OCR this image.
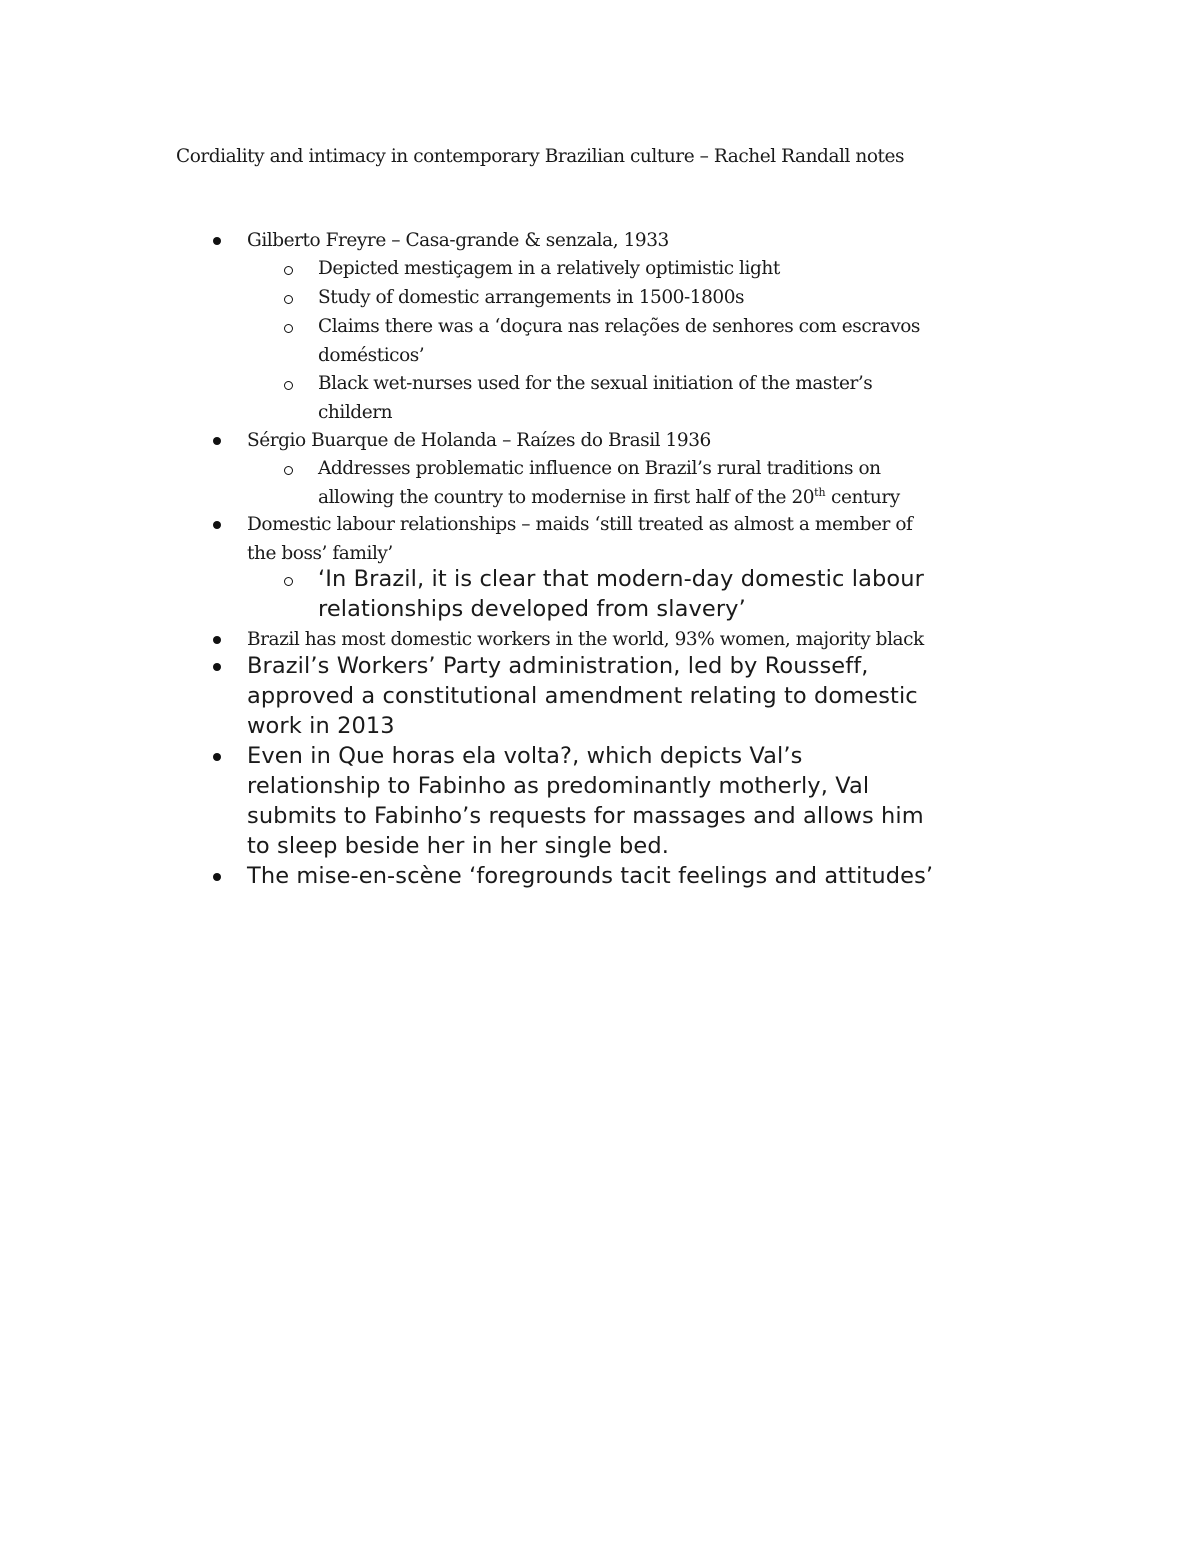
Cordiality and intimacy in contemporary Brazilian culture – Rachel Randall notes
Gilberto Freyre – Casa-grande & senzala, 1933
Depicted mestiçagem in a relatively optimistic light
Study of domestic arrangements in 1500-1800s
Claims there was a ‘doçura nas relações de senhores com escravos
domésticos’
Black wet-nurses used for the sexual initiation of the master’s
childern
Sérgio Buarque de Holanda – Raízes do Brasil 1936
Addresses problematic influence on Brazil’s rural traditions on
allowing the country to modernise in first half of the 20th century
Domestic labour relationships – maids ‘still treated as almost a member of
the boss’ family’
‘In Brazil, it is clear that modern-day domestic labour
relationships developed from slavery’
Brazil has most domestic workers in the world, 93% women, majority black
Brazil’s Workers’ Party administration, led by Rousseff,
approved a constitutional amendment relating to domestic
work in 2013
Even in Que horas ela volta?, which depicts Val’s
relationship to Fabinho as predominantly motherly, Val
submits to Fabinho’s requests for massages and allows him
to sleep beside her in her single bed.
The mise-en-scène ‘foregrounds tacit feelings and attitudes’
